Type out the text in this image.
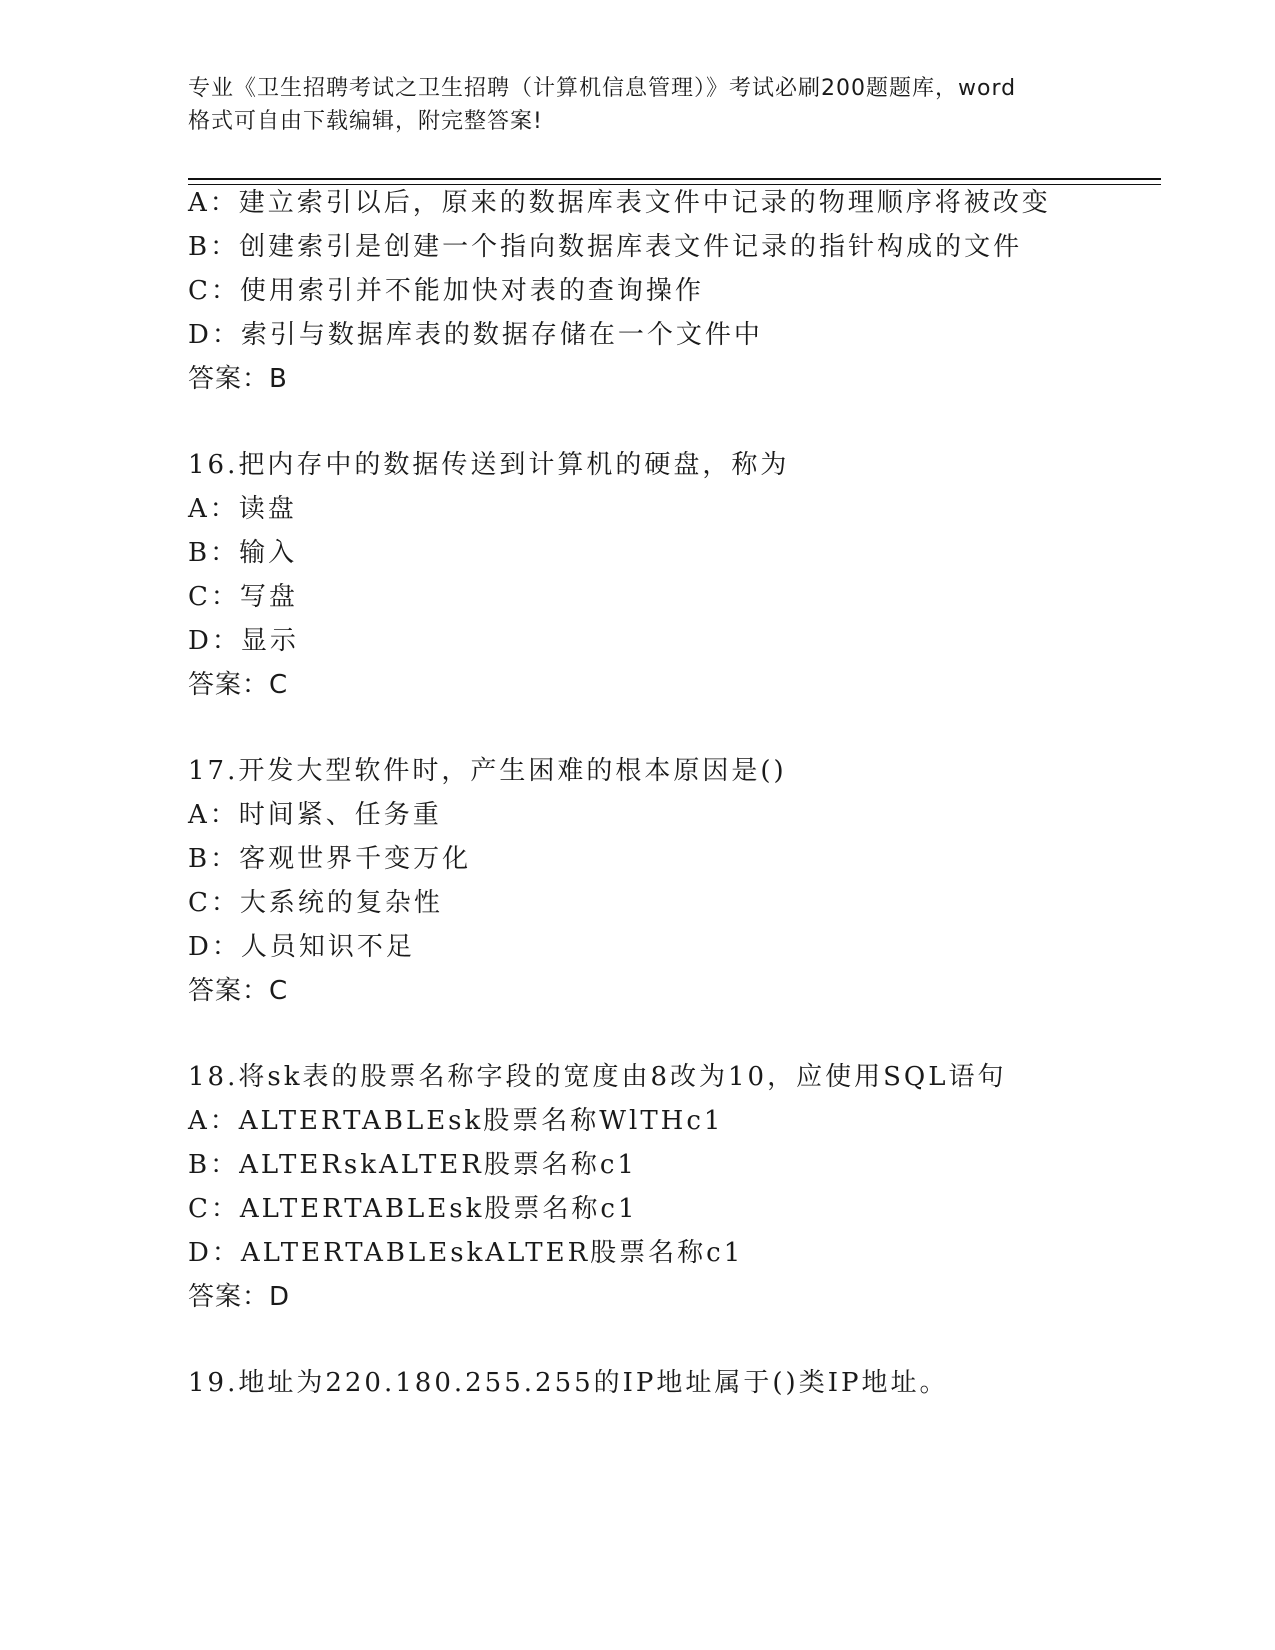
专业《卫生招聘考试之卫生招聘（计算机信息管理）》考试必刷200题题库，word
格式可自由下载编辑，附完整答案!
A：建立索引以后，原来的数据库表文件中记录的物理顺序将被改变
B：创建索引是创建一个指向数据库表文件记录的指针构成的文件
C：使用索引并不能加快对表的查询操作
D：索引与数据库表的数据存储在一个文件中
答案：B
16.把内存中的数据传送到计算机的硬盘，称为
A：读盘
B：输入
C：写盘
D：显示
答案：C
17.开发大型软件时，产生困难的根本原因是()
A：时间紧、任务重
B：客观世界千变万化
C：大系统的复杂性
D：人员知识不足
答案：C
18.将sk表的股票名称字段的宽度由8改为10，应使用SQL语句
A：ALTERTABLEsk股票名称WlTHc1
B：ALTERskALTER股票名称c1
C：ALTERTABLEsk股票名称c1
D：ALTERTABLEskALTER股票名称c1
答案：D
19.地址为220.180.255.255的IP地址属于()类IP地址。
